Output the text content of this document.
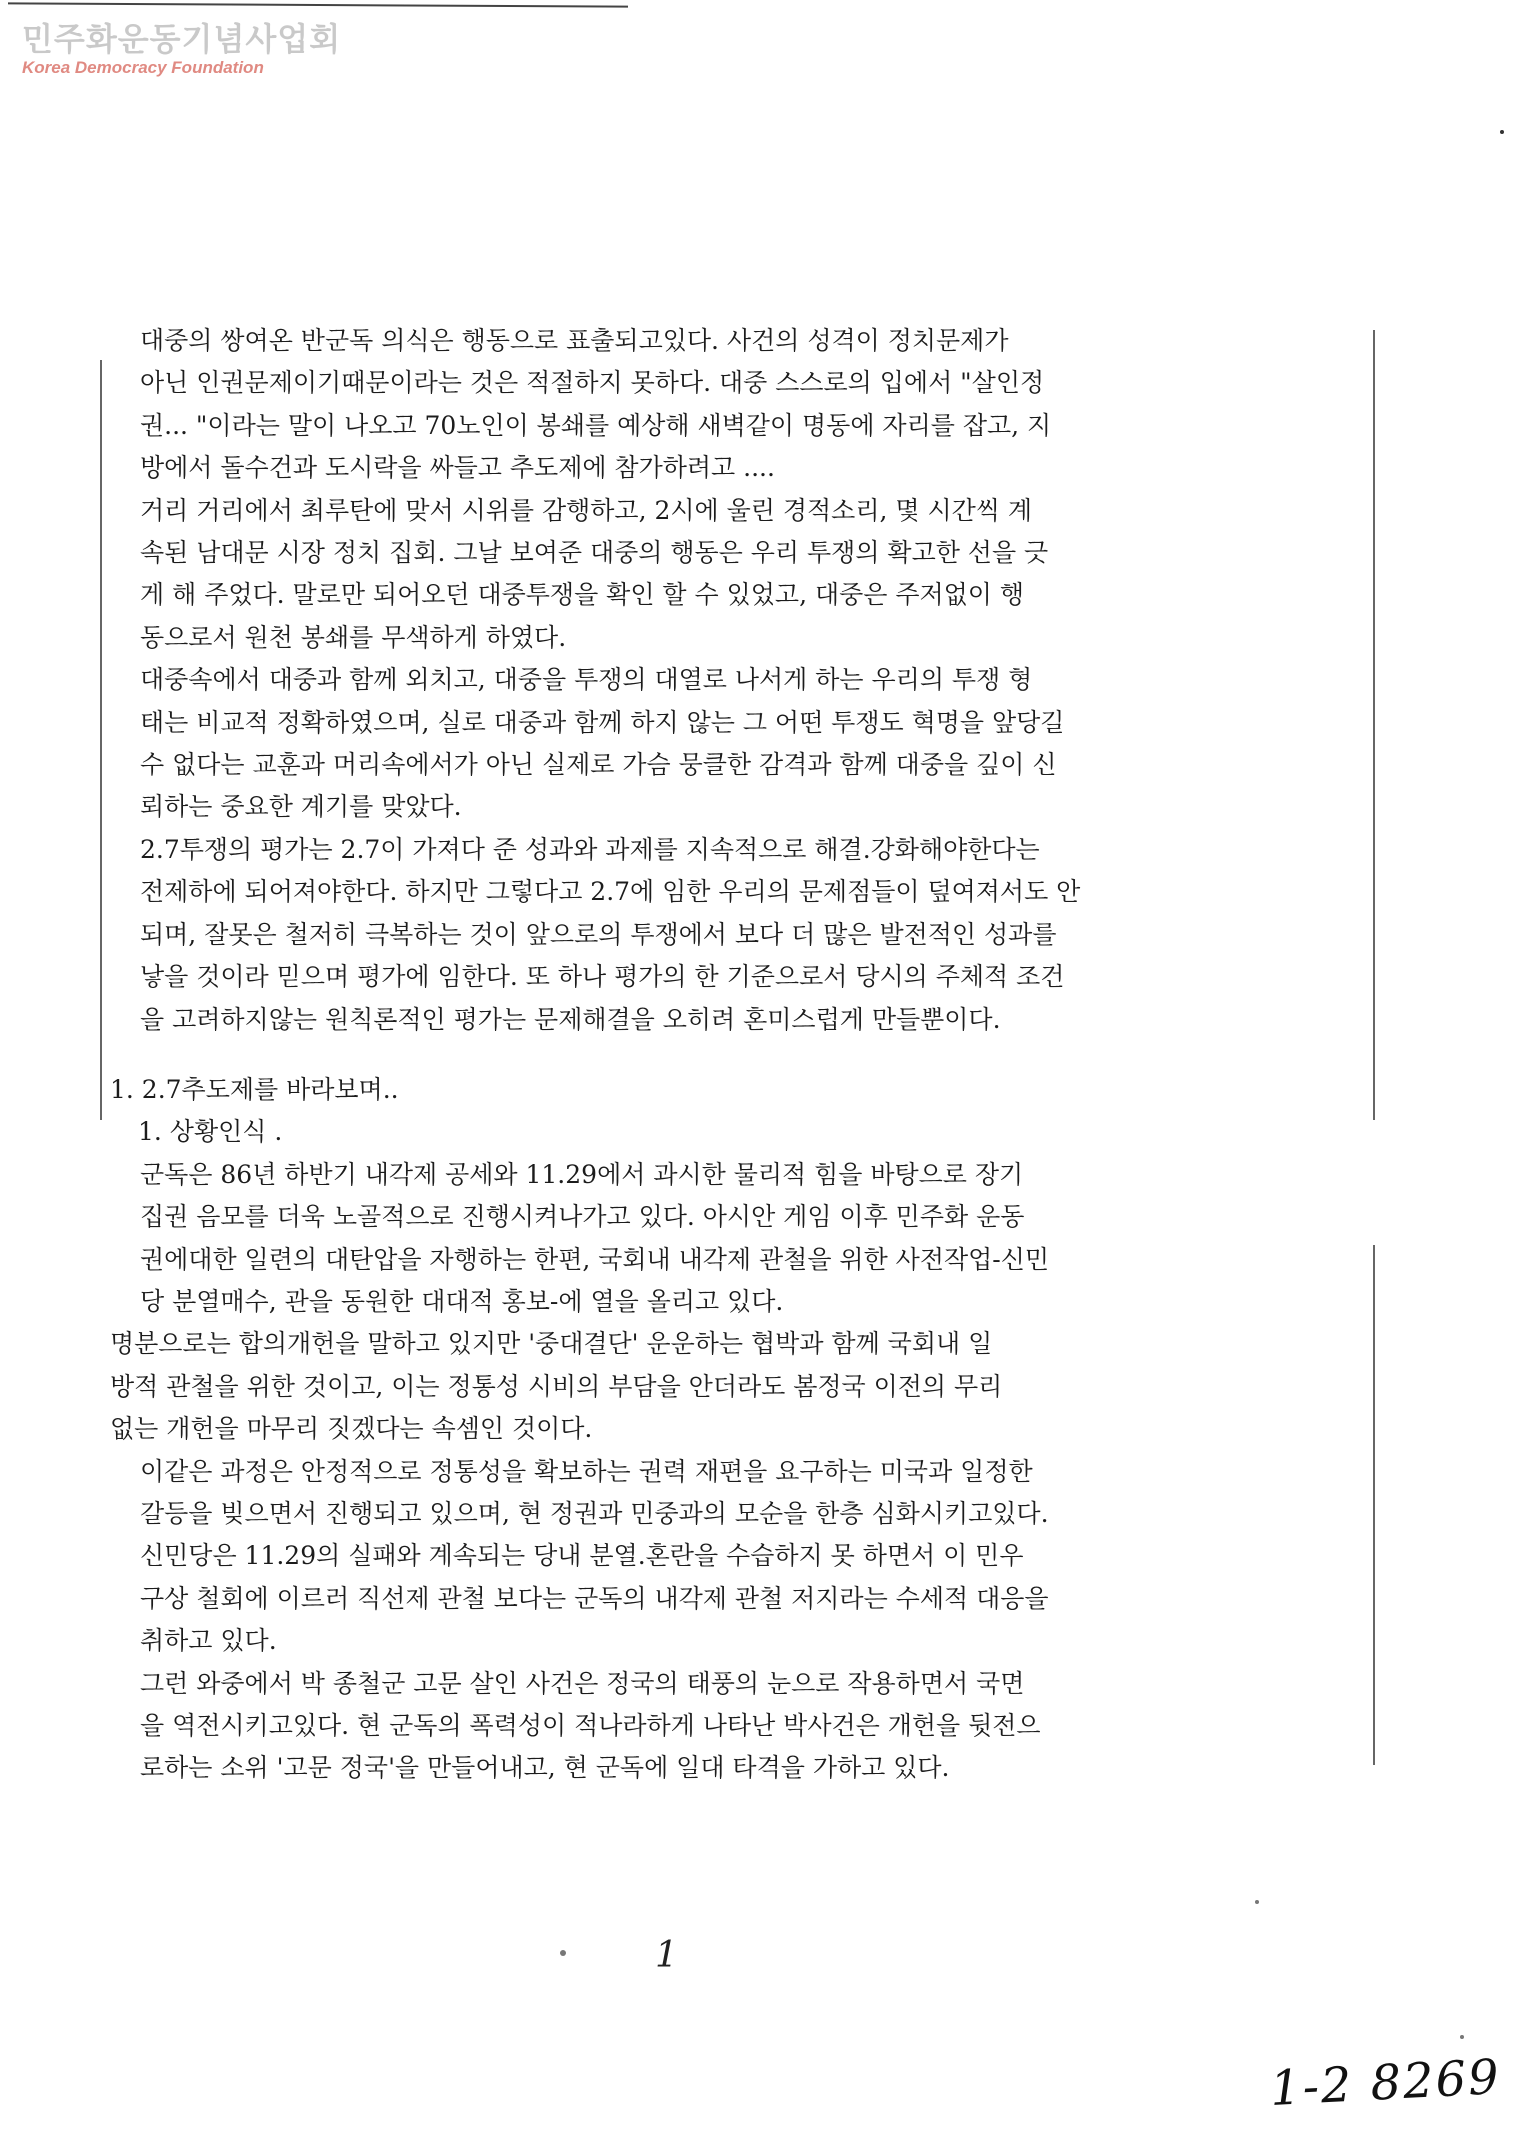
민주화운동기념사업회
Korea Democracy Foundation
대중의 쌍여온 반군독 의식은 행동으로 표출되고있다. 사건의 성격이 정치문제가
아닌 인권문제이기때문이라는 것은 적절하지 못하다. 대중 스스로의 입에서 "살인정
권... "이라는 말이 나오고 70노인이 봉쇄를 예상해 새벽같이 명동에 자리를 잡고, 지
방에서 돌수건과 도시락을 싸들고 추도제에 참가하려고 ....
거리 거리에서 최루탄에 맞서 시위를 감행하고, 2시에 울린 경적소리, 몇 시간씩 계
속된 남대문 시장 정치 집회. 그날 보여준 대중의 행동은 우리 투쟁의 확고한 선을 긋
게 해 주었다. 말로만 되어오던 대중투쟁을 확인 할 수 있었고, 대중은 주저없이 행
동으로서 원천 봉쇄를 무색하게 하였다.
대중속에서 대중과 함께 외치고, 대중을 투쟁의 대열로 나서게 하는 우리의 투쟁 형
태는 비교적 정확하였으며, 실로 대중과 함께 하지 않는 그 어떤 투쟁도 혁명을 앞당길
수 없다는 교훈과 머리속에서가 아닌 실제로 가슴 뭉클한 감격과 함께 대중을 깊이 신
뢰하는 중요한 계기를 맞았다.
2.7투쟁의 평가는 2.7이 가져다 준 성과와 과제를 지속적으로 해결.강화해야한다는
전제하에 되어져야한다. 하지만 그렇다고 2.7에 임한 우리의 문제점들이 덮여져서도 안
되며, 잘못은 철저히 극복하는 것이 앞으로의 투쟁에서 보다 더 많은 발전적인 성과를
낳을 것이라 믿으며 평가에 임한다. 또 하나 평가의 한 기준으로서 당시의 주체적 조건
을 고려하지않는 원칙론적인 평가는 문제해결을 오히려 혼미스럽게 만들뿐이다.
1. 2.7추도제를 바라보며..
1. 상황인식 .
군독은 86년 하반기 내각제 공세와 11.29에서 과시한 물리적 힘을 바탕으로 장기
집권 음모를 더욱 노골적으로 진행시켜나가고 있다. 아시안 게임 이후 민주화 운동
권에대한 일련의 대탄압을 자행하는 한편, 국회내 내각제 관철을 위한 사전작업-신민
당 분열매수, 관을 동원한 대대적 홍보-에 열을 올리고 있다.
명분으로는 합의개헌을 말하고 있지만 '중대결단' 운운하는 협박과 함께 국회내 일
방적 관철을 위한 것이고, 이는 정통성 시비의 부담을 안더라도 봄정국 이전의 무리
없는 개헌을 마무리 짓겠다는 속셈인 것이다.
이같은 과정은 안정적으로 정통성을 확보하는 권력 재편을 요구하는 미국과 일정한
갈등을 빚으면서 진행되고 있으며, 현 정권과 민중과의 모순을 한층 심화시키고있다.
신민당은 11.29의 실패와 계속되는 당내 분열.혼란을 수습하지 못 하면서 이 민우
구상 철회에 이르러 직선제 관철 보다는 군독의 내각제 관철 저지라는 수세적 대응을
취하고 있다.
그런 와중에서 박 종철군 고문 살인 사건은 정국의 태풍의 눈으로 작용하면서 국면
을 역전시키고있다. 현 군독의 폭력성이 적나라하게 나타난 박사건은 개헌을 뒷전으
로하는 소위 '고문 정국'을 만들어내고, 현 군독에 일대 타격을 가하고 있다.
1
1-2 8269
